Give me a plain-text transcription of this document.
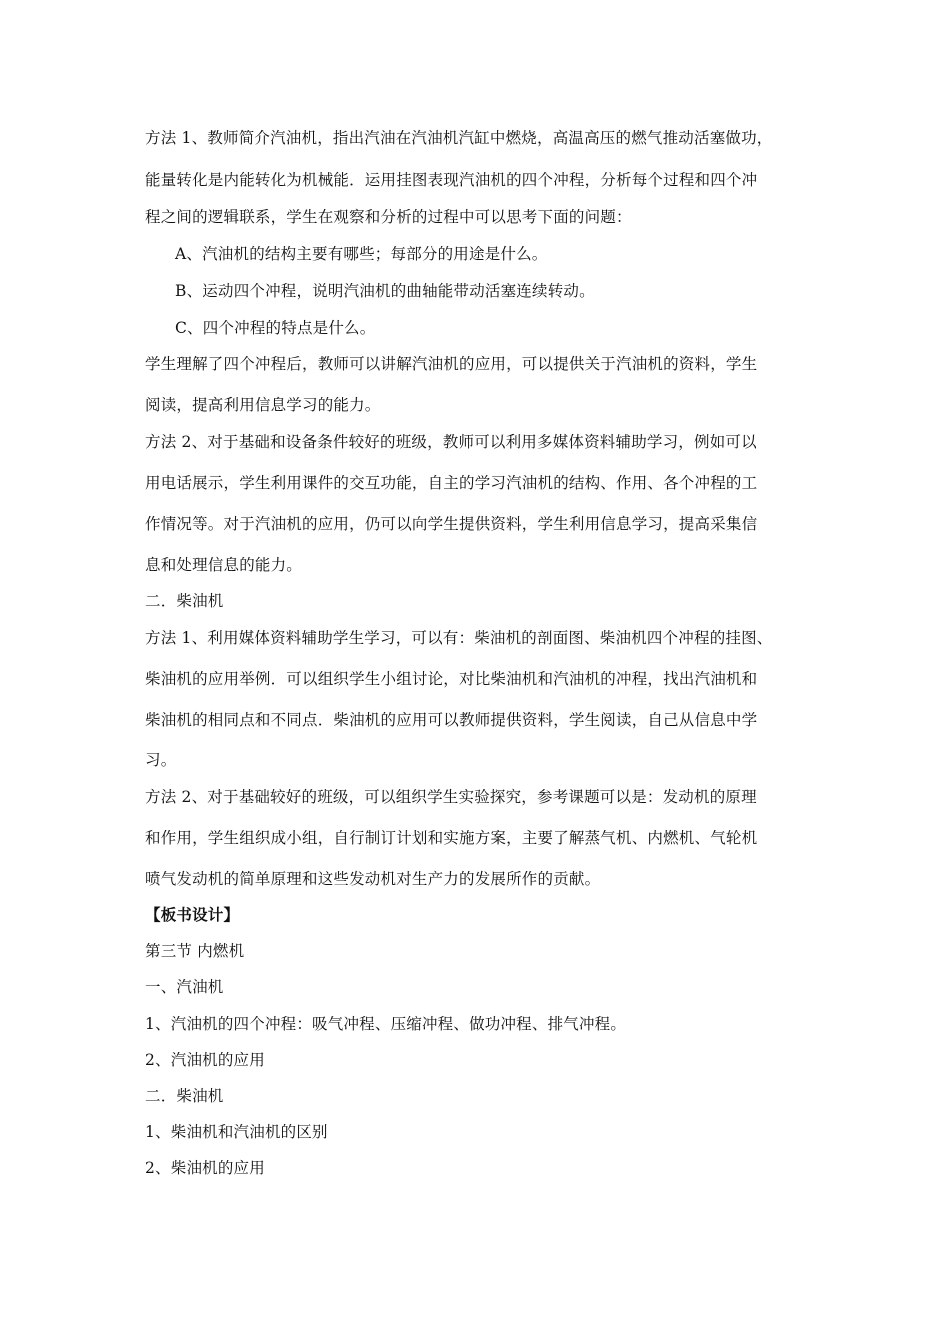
方法 1、教师简介汽油机，指出汽油在汽油机汽缸中燃烧，高温高压的燃气推动活塞做功，
能量转化是内能转化为机械能．运用挂图表现汽油机的四个冲程，分析每个过程和四个冲
程之间的逻辑联系，学生在观察和分析的过程中可以思考下面的问题：
A、汽油机的结构主要有哪些；每部分的用途是什么。
B、运动四个冲程，说明汽油机的曲轴能带动活塞连续转动。
C、四个冲程的特点是什么。
学生理解了四个冲程后，教师可以讲解汽油机的应用，可以提供关于汽油机的资料，学生
阅读，提高利用信息学习的能力。
方法 2、对于基础和设备条件较好的班级，教师可以利用多媒体资料辅助学习，例如可以
用电话展示，学生利用课件的交互功能，自主的学习汽油机的结构、作用、各个冲程的工
作情况等。对于汽油机的应用，仍可以向学生提供资料，学生利用信息学习，提高采集信
息和处理信息的能力。
二．柴油机
方法 1、利用媒体资料辅助学生学习，可以有：柴油机的剖面图、柴油机四个冲程的挂图、
柴油机的应用举例．可以组织学生小组讨论，对比柴油机和汽油机的冲程，找出汽油机和
柴油机的相同点和不同点．柴油机的应用可以教师提供资料，学生阅读，自己从信息中学
习。
方法 2、对于基础较好的班级，可以组织学生实验探究，参考课题可以是：发动机的原理
和作用，学生组织成小组，自行制订计划和实施方案，主要了解蒸气机、内燃机、气轮机
喷气发动机的简单原理和这些发动机对生产力的发展所作的贡献。
【板书设计】
第三节 内燃机
一、汽油机
1、汽油机的四个冲程：吸气冲程、压缩冲程、做功冲程、排气冲程。
2、汽油机的应用
二．柴油机
1、柴油机和汽油机的区别
2、柴油机的应用
